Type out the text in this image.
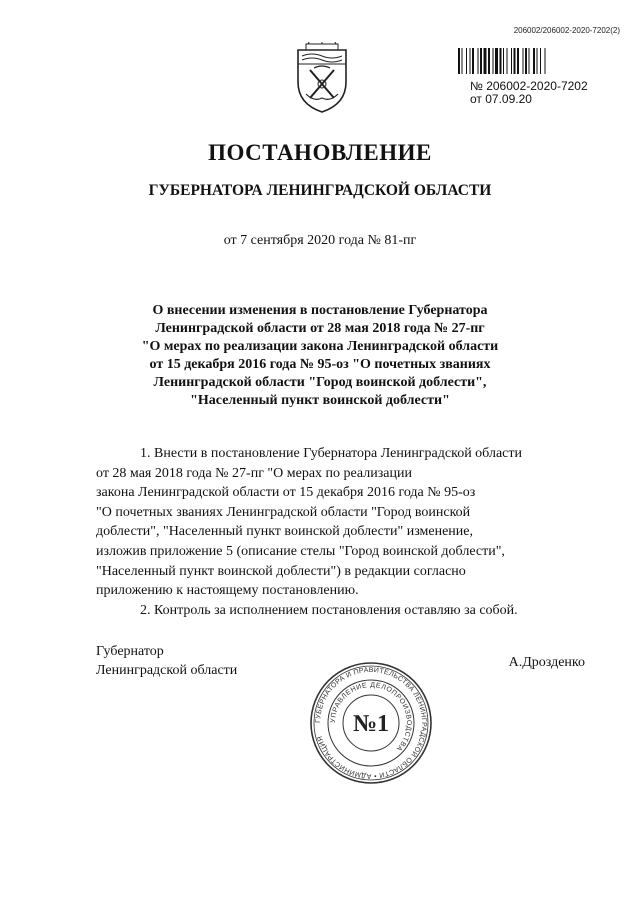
206002/206002-2020-7202(2)
№ 206002-2020-7202
от 07.09.20
ПОСТАНОВЛЕНИЕ
ГУБЕРНАТОРА ЛЕНИНГРАДСКОЙ ОБЛАСТИ
от 7 сентября 2020 года № 81-пг
О внесении изменения в постановление Губернатора
Ленинградской области от 28 мая 2018 года № 27-пг
"О мерах по реализации закона Ленинградской области
от 15 декабря 2016 года № 95-оз "О почетных званиях
Ленинградской области "Город воинской доблести",
"Населенный пункт воинской доблести"

1. Внести в постановление Губернатора Ленинградской области

от 28 мая 2018 года № 27-пг "О мерах по реализации

закона Ленинградской области от 15 декабря 2016 года № 95-оз

"О почетных званиях Ленинградской области "Город воинской

доблести", "Населенный пункт воинской доблести" изменение,

изложив приложение 5 (описание стелы "Город воинской доблести",

"Населенный пункт воинской доблести") в редакции согласно

приложению к настоящему постановлению.

2. Контроль за исполнением постановления оставляю за собой.

Губернатор
Ленинградской области
А.Дрозденко
ГУБЕРНАТОРА И ПРАВИТЕЛЬСТВА ЛЕНИНГРАДСКОЙ ОБЛАСТИ • АДМИНИСТРАЦИЯ
УПРАВЛЕНИЕ ДЕЛОПРОИЗВОДСТВА
№1
